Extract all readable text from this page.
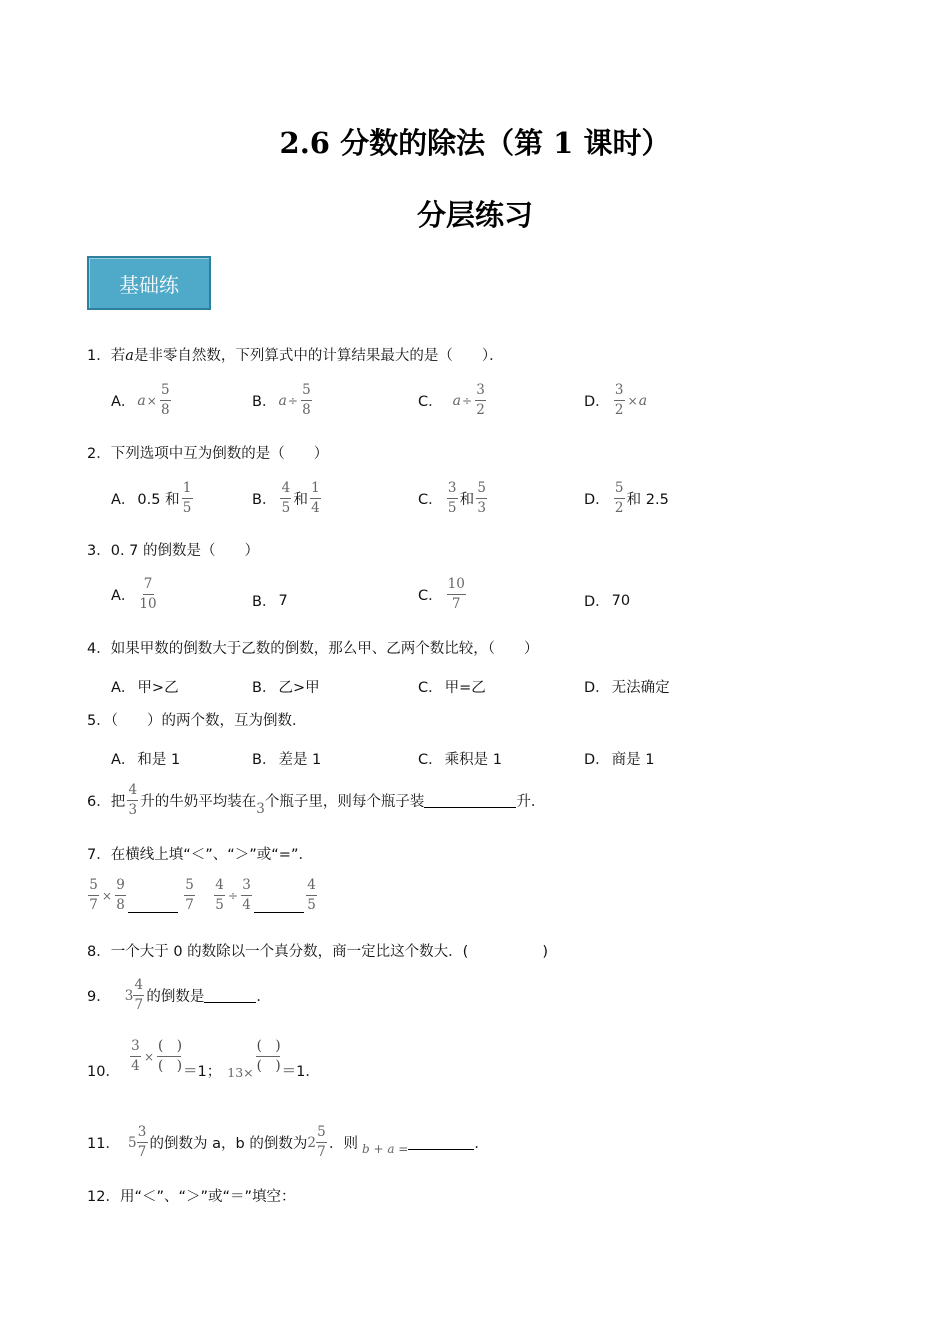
2.6 分数的除法（第 1 课时）
分层练习
基础练
1．若a是非零自然数，下列算式中的计算结果最大的是（　　）．
A． $a \times \frac{5}{8}$	B． $a \div \frac{5}{8}$	C． $a \div \frac{3}{2}$	D． $\frac{3}{2} \times a$
2．下列选项中互为倒数的是（　　）
A． 0.5 和
1
5	B．
4
5 和
1
4	C．
3
5 和
5
3	D．
5
2 和 2.5
3．0. 7 的倒数是（　　）
A．
7
10	B． 7	C．
10
7	D． 70
4．如果甲数的倒数大于乙数的倒数，那么甲、乙两个数比较，（　　）
A． 甲>乙	B． 乙>甲	C． 甲=乙	D． 无法确定
5．（　　）的两个数，互为倒数．
A． 和是 1	B． 差是 1	C． 乘积是 1	D． 商是 1
6． 把
4
3 升的牛奶平均装在 3 个瓶子里，则每个瓶子装	升．
7．在横线上填“＜”、“＞”或“=”．
$\frac{5}{7} \times \frac{9}{8}$	5
$7 \frac{4}{5} \div \frac{3}{4}$	4
5
8．一个大于 0 的数除以一个真分数，商一定比这个数大．(	)
9． 3
4
7 的倒数是	．
10． $\frac{3}{4}$ ×
(　)
(　) ＝1； 13×
(　)
(　) ＝1．
11． 5
3
7 的倒数为 a，b 的倒数为 2
5
7 ．则 b + a =	．
12．用“＜”、“＞”或“＝”填空：
